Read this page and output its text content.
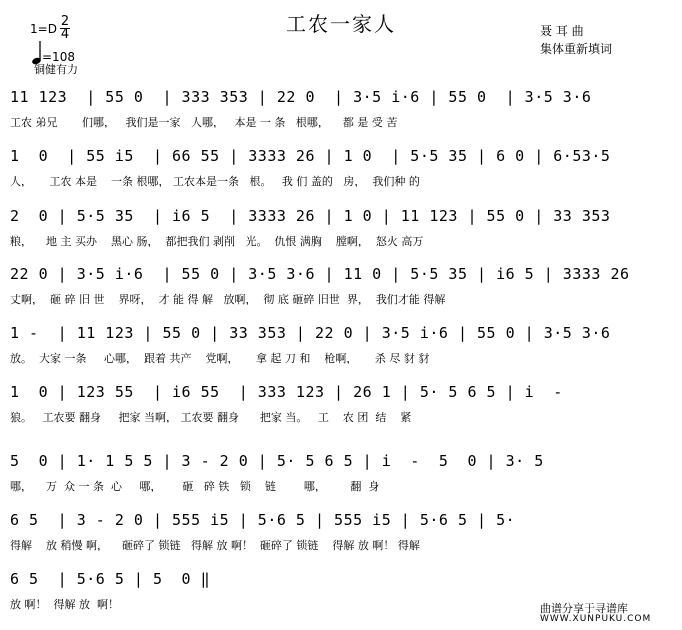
工农一家人
1=D 2
4
=108
铜健有力
聂 耳 曲
集体重新填词
11 123  | 55 0  | 333 353 | 22 0  | 3·5 i·6 | 55 0  | 3·5 3·6
工农 弟兄       们哪，   我们是一家   人哪，   本是 一 条   根哪，    都 是 受 苦
1  0  | 55 i5  | 66 55 | 3333 26 | 1 0  | 5·5 35 | 6 0 | 6·53·5
人，     工农 本是    一条 根哪， 工农本是一条   根。   我 们 盖的   房，  我们种 的
2  0 | 5·5 35  | i6 5  | 3333 26 | 1 0 | 11 123 | 55 0 | 33 353
粮，    地 主 买办    黑心 肠，  都把我们 剥削   光。  仇恨 满胸    膛啊，  怒火 高万
22 0 | 3·5 i·6  | 55 0 | 3·5 3·6 | 11 0 | 5·5 35 | i6 5 | 3333 26
丈啊，  砸 碎 旧 世    界呀，  才 能 得 解   放啊，  彻 底 砸碎 旧世  界，  我们才能 得解
1 -  | 11 123 | 55 0 | 33 353 | 22 0 | 3·5 i·6 | 55 0 | 3·5 3·6
放。  大家 一条     心哪，  跟着 共产    党啊，     拿 起 刀 和    枪啊，     杀 尽 豺 豺
1  0 | 123 55  | i6 55  | 333 123 | 26 1 | 5· 5 6 5 | i  -
狼。   工农要 翻身     把家 当啊， 工农要 翻身      把家 当。   工    农 团  结    紧
5  0 | 1· 1 5 5 | 3 - 2 0 | 5· 5 6 5 | i  -  5  0 | 3· 5
哪，    万  众 一 条  心     哪，      砸   碎 铁   锁    链        哪，       翻  身
6 5  | 3 - 2 0 | 555 i5 | 5·6 5 | 555 i5 | 5·6 5 | 5·
得解    放 稍慢 啊，    砸碎了 锁链   得解 放 啊！  砸碎了 锁链    得解 放 啊！ 得解
6 5  | 5·6 5 | 5  0 ‖
放 啊！  得解 放  啊！	曲谱分享于寻谱库
WWW.XUNPUKU.COM
